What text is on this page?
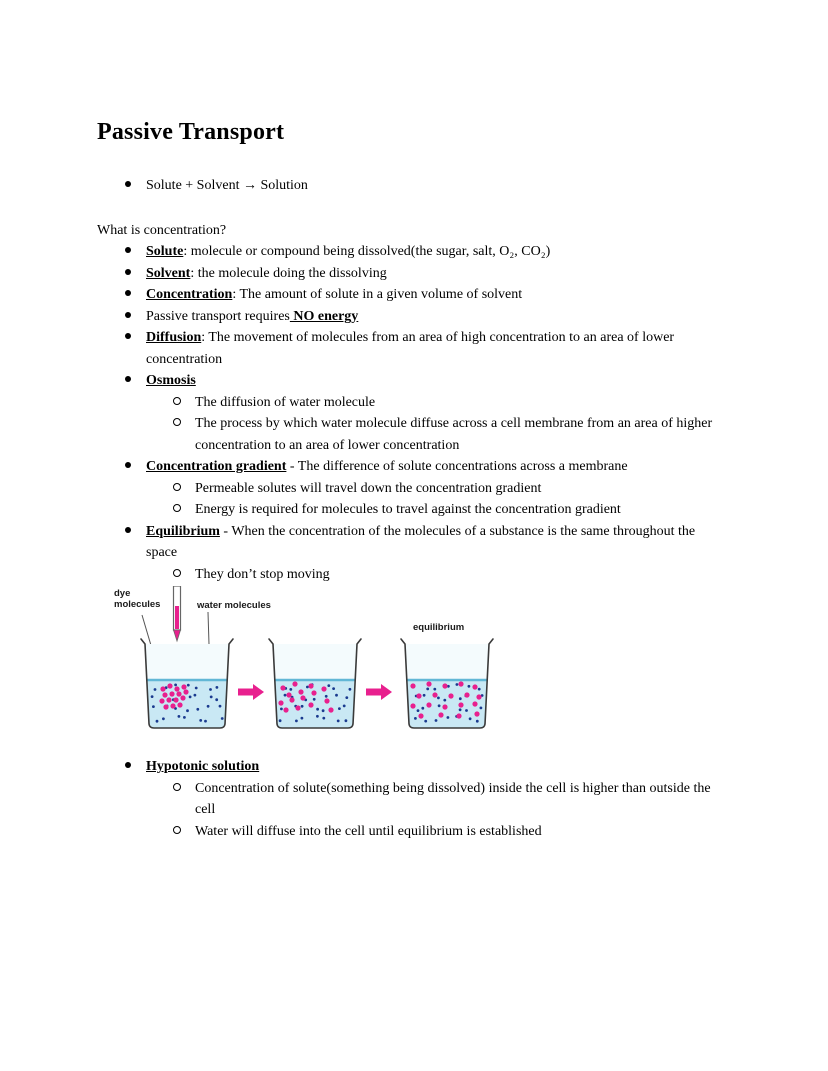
Passive Transport
Solute + Solvent → Solution

What is concentration?

Solute: molecule or compound being dissolved(the sugar, salt, O₂, CO₂)
Solvent: the molecule doing the dissolving
Concentration: The amount of solute in a given volume of solvent
Passive transport requires NO energy
Diffusion: The movement of molecules from an area of high concentration to an area of lower concentration
Osmosis
The diffusion of water molecule
The process by which water molecule diffuse across a cell membrane from an area of higher concentration to an area of lower concentration
Concentration gradient - The difference of solute concentrations across a membrane
Permeable solutes will travel down the concentration gradient
Energy is required for molecules to travel against the concentration gradient
Equilibrium - When the concentration of the molecules of a substance is the same throughout the space
They don’t stop moving
dye
molecules	water molecules
equilibrium
Hypotonic solution
Concentration of solute(something being dissolved) inside the cell is higher than outside the cell
Water will diffuse into the cell until equilibrium is established
